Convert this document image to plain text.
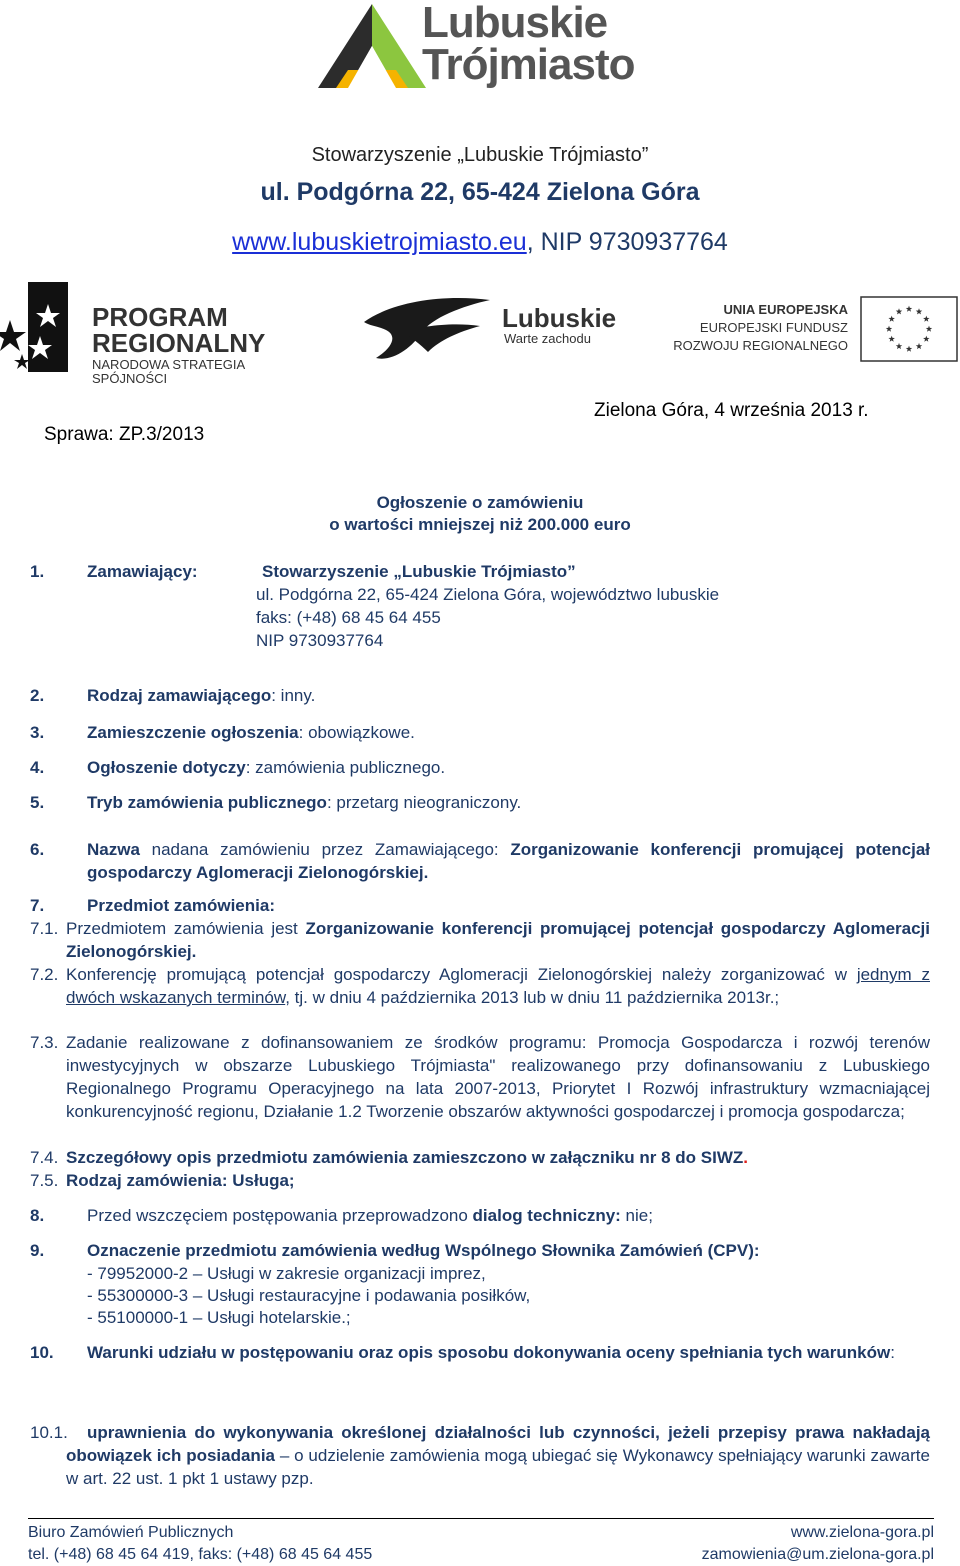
Lubuskie
Trójmiasto
Stowarzyszenie „Lubuskie Trójmiasto”
ul. Podgórna 22, 65-424 Zielona Góra
www.lubuskietrojmiasto.eu, NIP 9730937764
PROGRAM
REGIONALNY
NARODOWA STRATEGIA SPÓJNOŚCI
Lubuskie
Warte zachodu
UNIA EUROPEJSKA
EUROPEJSKI FUNDUSZ
ROZWOJU REGIONALNEGO
Sprawa: ZP.3/2013
Zielona Góra, 4 września 2013 r.
Ogłoszenie o zamówieniu
o wartości mniejszej niż 200.000 euro
1.	Zamawiający:	Stowarzyszenie „Lubuskie Trójmiasto”
ul. Podgórna 22, 65-424 Zielona Góra, województwo lubuskie
faks: (+48) 68 45 64 455
NIP 9730937764
2.	Rodzaj zamawiającego: inny.
3.	Zamieszczenie ogłoszenia: obowiązkowe.
4.	Ogłoszenie dotyczy: zamówienia publicznego.
5.	Tryb zamówienia publicznego: przetarg nieograniczony.
6.	Nazwa nadana zamówieniu przez Zamawiającego: Zorganizowanie konferencji promującej potencjał gospodarczy Aglomeracji Zielonogórskiej.
7.	Przedmiot zamówienia:
7.1. Przedmiotem zamówienia jest Zorganizowanie konferencji promującej potencjał gospodarczy Aglomeracji Zielonogórskiej.
7.2. Konferencję promującą potencjał gospodarczy Aglomeracji Zielonogórskiej należy zorganizować w jednym z dwóch wskazanych terminów, tj. w dniu 4 października 2013 lub w dniu 11 października 2013r.;
7.3. Zadanie realizowane z dofinansowaniem ze środków programu: Promocja Gospodarcza i rozwój terenów inwestycyjnych w obszarze Lubuskiego Trójmiasta" realizowanego przy dofinansowaniu z Lubuskiego Regionalnego Programu Operacyjnego na lata 2007-2013, Priorytet I Rozwój infrastruktury wzmacniającej konkurencyjność regionu, Działanie 1.2 Tworzenie obszarów aktywności gospodarczej i promocja gospodarcza;
7.4. Szczegółowy opis przedmiotu zamówienia zamieszczono w załączniku nr 8 do SIWZ.
7.5. Rodzaj zamówienia: Usługa;
8.	Przed wszczęciem postępowania przeprowadzono dialog techniczny: nie;
9.	Oznaczenie przedmiotu zamówienia według Wspólnego Słownika Zamówień (CPV):
- 79952000-2 – Usługi w zakresie organizacji imprez,
- 55300000-3 – Usługi restauracyjne i podawania posiłków,
- 55100000-1 – Usługi hotelarskie.;
10. Warunki udziału w postępowaniu oraz opis sposobu dokonywania oceny spełniania tych warunków:
10.1.	uprawnienia do wykonywania określonej działalności lub czynności, jeżeli przepisy prawa nakładają obowiązek ich posiadania – o udzielenie zamówienia mogą ubiegać się Wykonawcy spełniający warunki zawarte w art. 22 ust. 1 pkt 1 ustawy pzp.
Biuro Zamówień Publicznych
tel. (+48) 68 45 64 419, faks: (+48) 68 45 64 455
www.zielona-gora.pl
zamowienia@um.zielona-gora.pl
